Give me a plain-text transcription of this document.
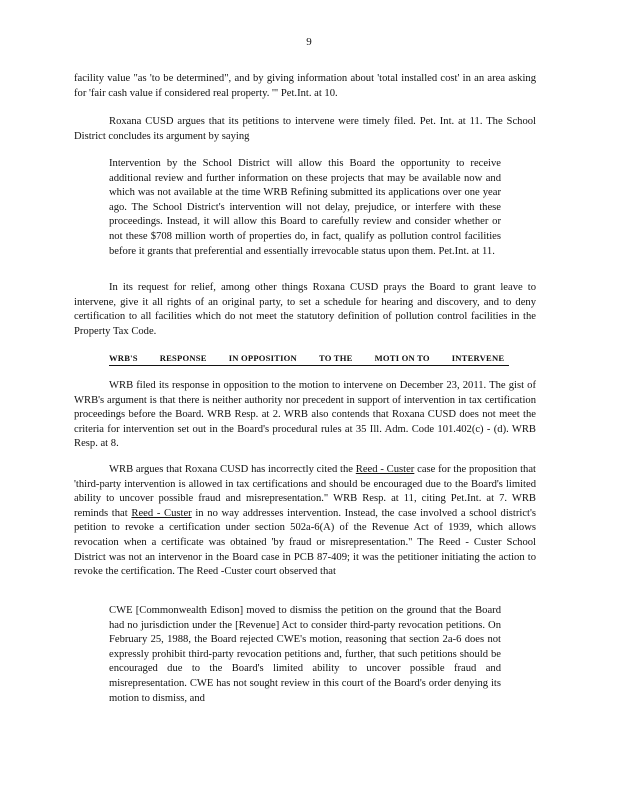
9

facility value "as 'to be determined", and by giving information about 'total installed cost' in an area asking for 'fair cash value if considered real property. '" Pet.Int. at 10.

Roxana CUSD argues that its petitions to intervene were timely filed. Pet. Int. at 11. The School District concludes its argument by saying

Intervention by the School District will allow this Board the opportunity to receive additional review and further information on these projects that may be available now and which was not available at the time WRB Refining submitted its applications over one year ago. The School District's intervention will not delay, prejudice, or interfere with these proceedings. Instead, it will allow this Board to carefully review and consider whether or not these $708 million worth of properties do, in fact, qualify as pollution control facilities before it grants that preferential and essentially irrevocable status upon them. Pet.Int. at 11.

In its request for relief, among other things Roxana CUSD prays the Board to grant leave to intervene, give it all rights of an original party, to set a schedule for hearing and discovery, and to deny certification to all facilities which do not meet the statutory definition of pollution control facilities in the Property Tax Code.

WRB'S	RESPONSE	IN OPPOSITION	TO THE	MOTI ON TO	INTERVENE

WRB filed its response in opposition to the motion to intervene on December 23, 2011. The gist of WRB's argument is that there is neither authority nor precedent in support of intervention in tax certification proceedings before the Board. WRB Resp. at 2. WRB also contends that Roxana CUSD does not meet the criteria for intervention set out in the Board's procedural rules at 35 Ill. Adm. Code 101.402(c) - (d). WRB Resp. at 8.

WRB argues that Roxana CUSD has incorrectly cited the Reed - Custer case for the proposition that 'third-party intervention is allowed in tax certifications and should be encouraged due to the Board's limited ability to uncover possible fraud and misrepresentation." WRB Resp. at 11, citing Pet.Int. at 7. WRB reminds that Reed - Custer in no way addresses intervention. Instead, the case involved a school district's petition to revoke a certification under section 502a-6(A) of the Revenue Act of 1939, which allows revocation when a certificate was obtained 'by fraud or misrepresentation." The Reed - Custer School District was not an intervenor in the Board case in PCB 87-409; it was the petitioner initiating the action to revoke the certification. The Reed -Custer court observed that

CWE [Commonwealth Edison] moved to dismiss the petition on the ground that the Board had no jurisdiction under the [Revenue] Act to consider third-party revocation petitions. On February 25, 1988, the Board rejected CWE's motion, reasoning that section 2a-6 does not expressly prohibit third-party revocation petitions and, further, that such petitions should be encouraged due to the Board's limited ability to uncover possible fraud and misrepresentation. CWE has not sought review in this court of the Board's order denying its motion to dismiss, and
